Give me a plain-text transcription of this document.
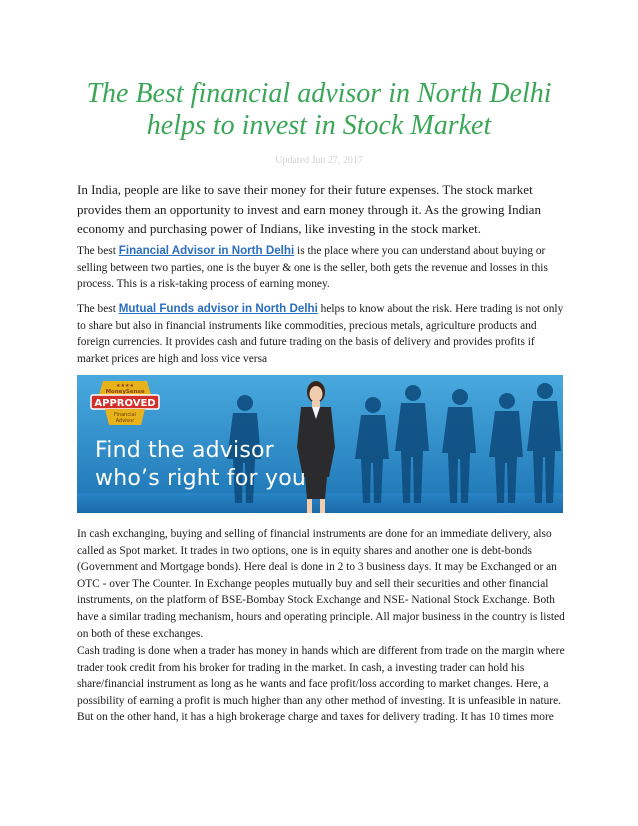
The Best financial advisor in North Delhi helps to invest in Stock Market
Updated Jun 27, 2017

In India, people are like to save their money for their future expenses. The stock market provides them an opportunity to invest and earn money through it. As the growing Indian economy and purchasing power of Indians, like investing in the stock market.

The best Financial Advisor in North Delhi is the place where you can understand about buying or selling between two parties, one is the buyer & one is the seller, both gets the revenue and losses in this process. This is a risk-taking process of earning money.

The best Mutual Funds advisor in North Delhi helps to know about the risk. Here trading is not only to share but also in financial instruments like commodities, precious metals, agriculture products and foreign currencies. It provides cash and future trading on the basis of delivery and provides profits if market prices are high and loss vice versa

★★★★
MoneySense
APPROVED
Financial
Advisor
Find the advisor
who’s right for you

In cash exchanging, buying and selling of financial instruments are done for an immediate delivery, also called as Spot market. It trades in two options, one is in equity shares and another one is debt-bonds (Government and Mortgage bonds). Here deal is done in 2 to 3 business days. It may be Exchanged or an OTC - over The Counter. In Exchange peoples mutually buy and sell their securities and other financial instruments, on the platform of BSE-Bombay Stock Exchange and NSE- National Stock Exchange. Both have a similar trading mechanism, hours and operating principle. All major business in the country is listed on both of these exchanges.

Cash trading is done when a trader has money in hands which are different from trade on the margin where trader took credit from his broker for trading in the market. In cash, a investing trader can hold his share/financial instrument as long as he wants and face profit/loss according to market changes. Here, a possibility of earning a profit is much higher than any other method of investing. It is unfeasible in nature. But on the other hand, it has a high brokerage charge and taxes for delivery trading. It has 10 times more
